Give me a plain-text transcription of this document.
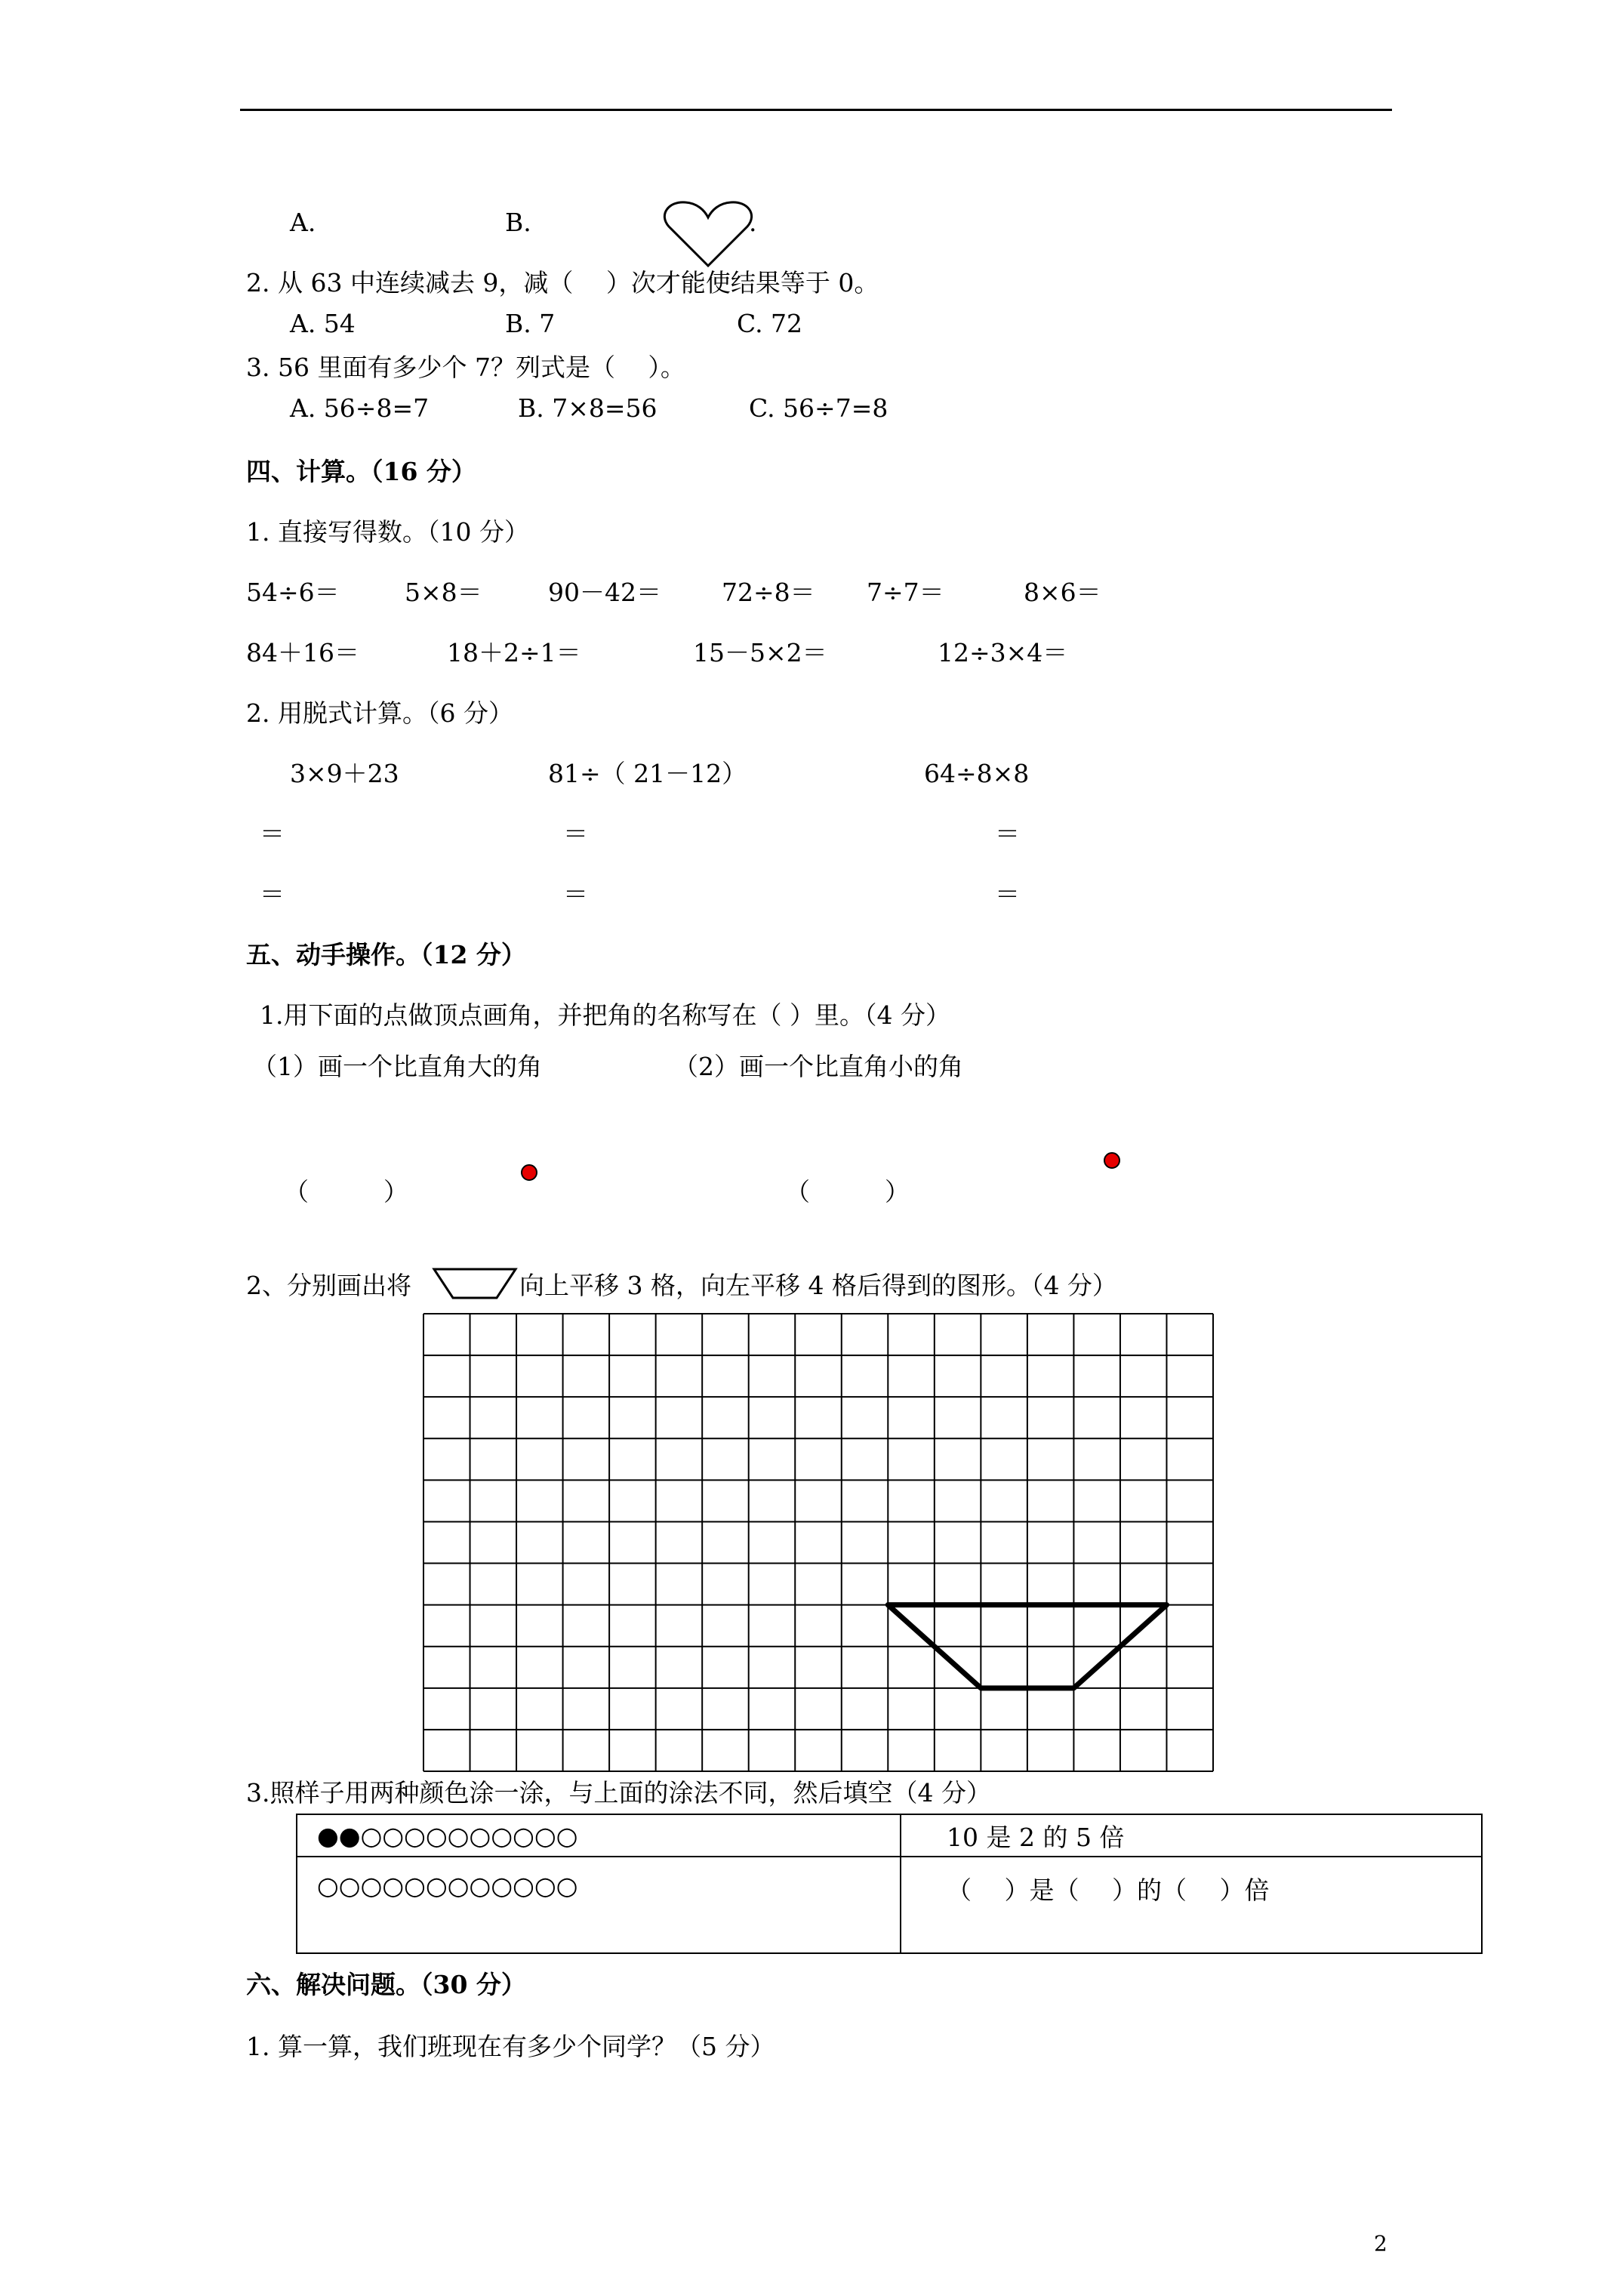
A.	B.	.
2. 从 63 中连续减去 9，减（　 ）次才能使结果等于 0。
A. 54	B. 7	C. 72
3. 56 里面有多少个 7？列式是（　 ）。
A. 56÷8=7	B. 7×8=56	C. 56÷7=8
四、计算。（16 分）
1. 直接写得数。（10 分）
54÷6＝	5×8＝	90－42＝ 72÷8＝ 7÷7＝	8×6＝
84＋16＝	18＋2÷1＝	15－5×2＝	12÷3×4＝
2. 用脱式计算。（6 分）
3×9＋23	81÷（ 21－12）	64÷8×8
＝	＝	＝
＝	＝	＝
五、动手操作。（12 分）
1.用下面的点做顶点画角，并把角的名称写在（ ）里。（4 分）
（1）画一个比直角大的角	（2）画一个比直角小的角
（　　　）	（　　　）
2、分别画出将	向上平移 3 格，向左平移 4 格后得到的图形。（4 分）
3.照样子用两种颜色涂一涂，与上面的涂法不同，然后填空（4 分）
●●○○○○○○○○○○	10 是 2 的 5 倍
○○○○○○○○○○○○	（　 ）是（　 ）的（　 ）倍
六、解决问题。（30 分）
1. 算一算，我们班现在有多少个同学？（5 分）
2
